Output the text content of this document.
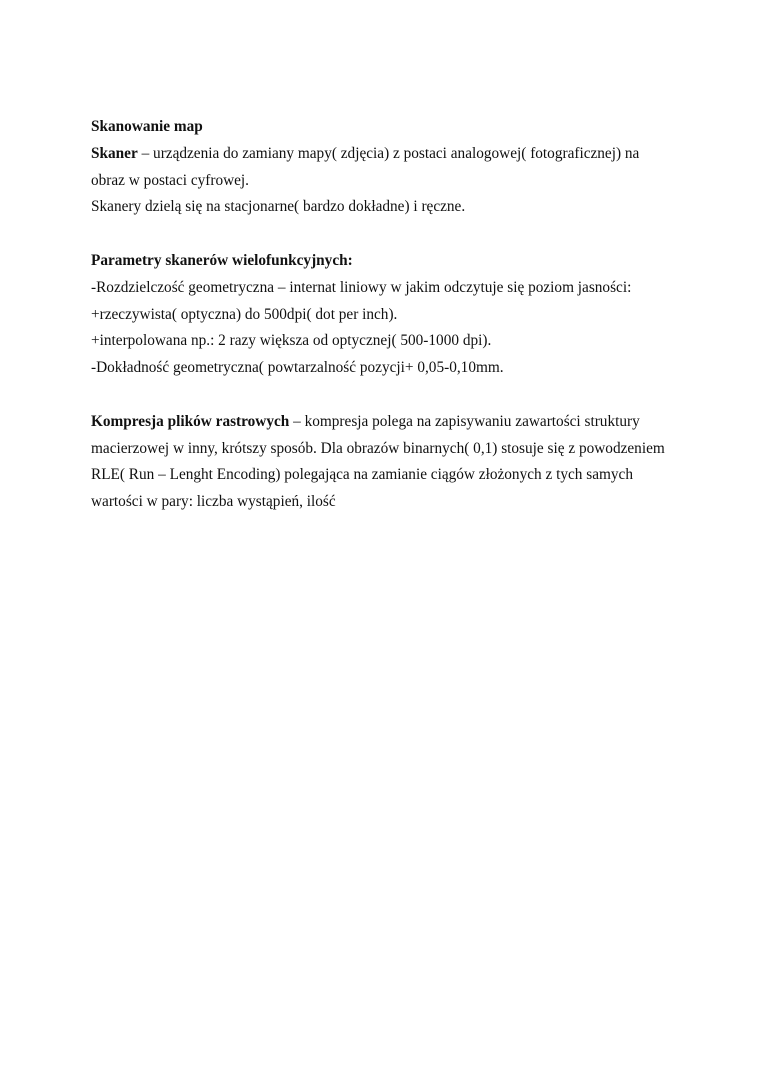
Skanowanie map
Skaner – urządzenia do zamiany mapy( zdjęcia) z postaci analogowej( fotograficznej) na
obraz w postaci cyfrowej.
Skanery dzielą się na stacjonarne( bardzo dokładne) i ręczne.
Parametry skanerów wielofunkcyjnych:
-Rozdzielczość geometryczna – internat liniowy w jakim odczytuje się poziom jasności:
+rzeczywista( optyczna) do 500dpi( dot per inch).
+interpolowana np.: 2 razy większa od optycznej( 500-1000 dpi).
-Dokładność geometryczna( powtarzalność pozycji+ 0,05-0,10mm.
Kompresja plików rastrowych – kompresja polega na zapisywaniu zawartości struktury
macierzowej w inny, krótszy sposób. Dla obrazów binarnych( 0,1) stosuje się z powodzeniem
RLE( Run – Lenght Encoding) polegająca na zamianie ciągów złożonych z tych samych
wartości w pary: liczba wystąpień, ilość
